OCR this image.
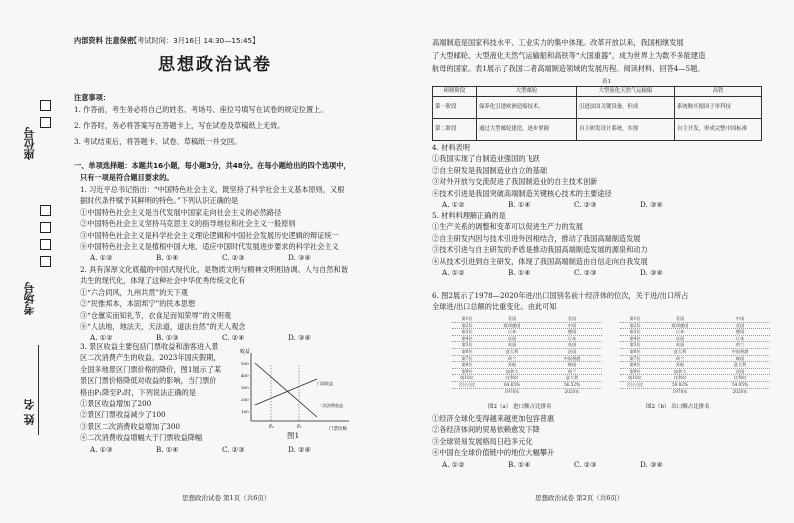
座位号
考场号
姓 名
内部资料 注意保密
【考试时间：3月16日 14:30—15:45】
思想政治试卷
注意事项：
1. 作答前，考生务必将自己的姓名、考场号、座位号填写在试卷的规定位置上。
2. 作答时，务必将答案写在答题卡上，写在试卷及草稿纸上无效。
3. 考试结束后，将答题卡、试卷、草稿纸一并交回。
一、单项选择题：本题共16小题，每小题3分，共48分。在每小题给出的四个选项中，
只有一项是符合题目要求的。
1. 习近平总书记指出：“中国特色社会主义，既坚持了科学社会主义基本原则，又根
据时代条件赋予其鲜明的特色。”下列认识正确的是
①中国特色社会主义是当代发展中国家走向社会主义的必然路径
②中国特色社会主义坚持马克思主义的指导地位和社会主义一般原则
③中国特色社会主义是科学社会主义理论逻辑和中国社会发展历史逻辑的辩证统一
④中国特色社会主义是植根中国大地、适应中国时代发展进步要求的科学社会主义
A. ①②	B. ①④	C. ②③	D. ③④
2. 具有深厚文化底蕴的中国式现代化，是物质文明与精神文明相协调、人与自然和谐
共生的现代化，体现了这种社会中华优秀传统文化有
①“六合同风，九州共贯”的天下观
②“民惟邦本，本固邦宁”的民本思想
③“仓廪实而知礼节，衣食足而知荣辱”的文明观
④“人法地，地法天，天法道，道法自然”的天人观念
A. ①②	B. ①③	C. ②④	D. ③④
3. 景区收益主要包括门票收益和游客进入景
区二次消费产生的收益。2023年国庆假期，
全国多地景区门票价格的降价，图1展示了某
景区门票价格降低对收益的影响，当门票价
格由P₁降至P₂时，下列说法正确的是
①景区收益增加了200
②景区门票收益减少了100
③景区二次消费收益增加了300
④二次消费收益增幅大于门票收益降幅
A. ①③	B. ①④	C. ②③	D. ②④
收益
门票价格
500
400
300
200
100
P₂	P₁
门票收益
二次消费收益
图1
思想政治试卷 第1页（共6页）
高端制造是国家科技水平、工业实力的集中体现。改革开放以来，我国相继发展
了大型邮轮、大型液化天然气运输船和高铁等“大国重器”，成为世界上为数不多能建造
航母的国家。表1展示了我国二者高端制造领域的发展历程。阅读材料，回答4—5题。
表1
研制阶段	大型邮轮	大型液化天然气运输船	高铁
第一阶段	保养化引进欧洲造船技术，	引进法国关键设备，但成	系统购买德国子单科技
第二阶段	通过大型邮轮建造，逐步掌握	自主研发设计系统，实现	自主开发，形成完整中国标准
4. 材料表明
①我国实现了自制造业强国的飞跃
②自主研发是我国制造业自立的基础
③对外开放与交流促进了我国制造业的自主技术创新
④技术引进是我国突破高端制造关键核心技术的主要途径
A. ①②	B. ①④	C. ②③	D. ③④
5. 材料料理解正确的是
①生产关系的调整和变革可以促进生产力的发展
②自主研发内因与技术引进外因相结合，推动了我国高端制造发展
③技术引进与自主研发的矛盾是推动我国高端制造发展的源泉和动力
④从技术引进到自主研发，体现了我国高端制造由自信走向自我发展
A. ①②	B. ①④	C. ②③	D. ③④
6. 图2展示了1978—2020年进/出口国别名前十经济体的位次，关于进/出口所占
全球进/出口总额的比重变化。由此可知
第1位	美国	美国
第2位	联邦德国	中国
第3位	日本	德国
第4位	法国	日本
第5位	英国	英国
第6位	意大利	法国
第7位	荷兰	中国香港
第8位	苏联	韩国
第9位	加拿大	荷兰
第10位	比利时	意大利
合计占比	64.65%	56.52%
1978年	2020年
图2（a） 进口额占比排名
第1位	美国	中国
第2位	联邦德国	美国
第3位	日本	德国
第4位	法国	日本
第5位	英国	荷兰
第6位	意大利	中国香港
第7位	荷兰	韩国
第8位	苏联	意大利
第9位	加拿大	法国
第10位	比利时	比利时
合计占比	59.82%	54.95%
1978年	2020年
图2（b） 出口额占比排名
①经济全球化变得越来越更加包容普惠
②各经济体间的贸易依赖愈发下降
③全球贸易发展格局日趋多元化
④中国在全球价值链中的地位大幅攀升
A. ①②	B. ①④	C. ②③	D. ③④
思想政治试卷 第2页（共6页）
